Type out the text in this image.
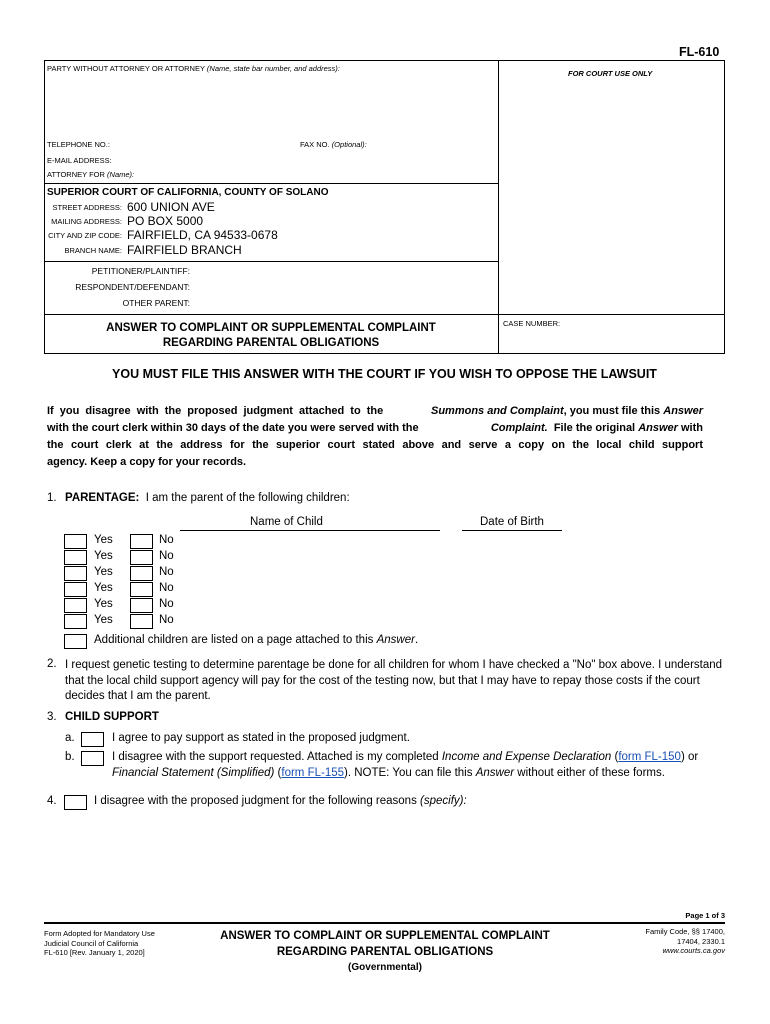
FL-610
PARTY WITHOUT ATTORNEY OR ATTORNEY (Name, state bar number, and address):
FOR COURT USE ONLY
TELEPHONE NO.:	FAX NO. (Optional):
E-MAIL ADDRESS:
ATTORNEY FOR (Name):
SUPERIOR COURT OF CALIFORNIA, COUNTY OF SOLANO
STREET ADDRESS: 600 UNION AVE
MAILING ADDRESS: PO BOX 5000
CITY AND ZIP CODE: FAIRFIELD, CA 94533-0678
BRANCH NAME: FAIRFIELD BRANCH
PETITIONER/PLAINTIFF:
RESPONDENT/DEFENDANT:
OTHER PARENT:
ANSWER TO COMPLAINT OR SUPPLEMENTAL COMPLAINT
REGARDING PARENTAL OBLIGATIONS
CASE NUMBER:
YOU MUST FILE THIS ANSWER WITH THE COURT IF YOU WISH TO OPPOSE THE LAWSUIT
If you disagree with the proposed judgment attached to the	Summons and Complaint, you must file this Answer
with the court clerk within 30 days of the date you were served with the	Complaint. File the original Answer with
the court clerk at the address for the superior court stated above and serve a copy on the local child support
agency. Keep a copy for your records.
1. PARENTAGE: I am the parent of the following children:
Name of Child	Date of Birth
Yes	No
Yes	No
Yes	No
Yes	No
Yes	No
Yes	No
Additional children are listed on a page attached to this Answer.
2. I request genetic testing to determine parentage be done for all children for whom I have checked a "No" box above. I understand
that the local child support agency will pay for the cost of the testing now, but that I may have to repay those costs if the court
decides that I am the parent.
3. CHILD SUPPORT
a.	I agree to pay support as stated in the proposed judgment.
b.	I disagree with the support requested. Attached is my completed Income and Expense Declaration (form FL-150) or
Financial Statement (Simplified) (form FL-155). NOTE: You can file this Answer without either of these forms.
4.	I disagree with the proposed judgment for the following reasons (specify):
Page 1 of 3
Form Adopted for Mandatory Use
Judicial Council of California
FL-610 [Rev. January 1, 2020]
ANSWER TO COMPLAINT OR SUPPLEMENTAL COMPLAINT
REGARDING PARENTAL OBLIGATIONS
(Governmental)
Family Code, §§ 17400,
17404, 2330.1
www.courts.ca.gov
